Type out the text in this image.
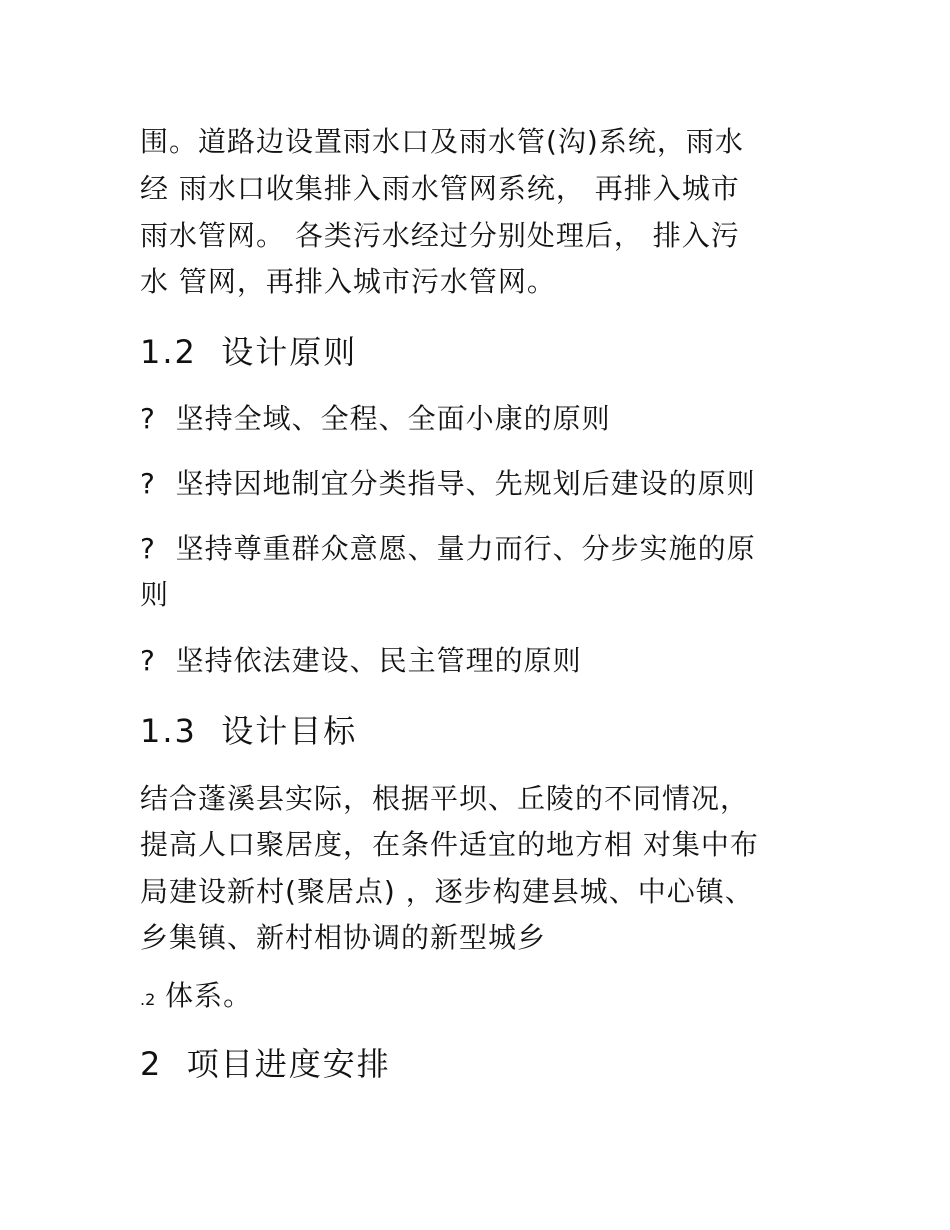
围。道路边设置雨水口及雨水管(沟)系统，雨水
经 雨水口收集排入雨水管网系统， 再排入城市
雨水管网。 各类污水经过分别处理后， 排入污
水 管网，再排入城市污水管网。
1.2  设计原则
?  坚持全域、全程、全面小康的原则
?  坚持因地制宜分类指导、先规划后建设的原则
?  坚持尊重群众意愿、量力而行、分步实施的原
则
?  坚持依法建设、民主管理的原则
1.3  设计目标
结合蓬溪县实际，根据平坝、丘陵的不同情况，
提高人口聚居度，在条件适宜的地方相 对集中布
局建设新村(聚居点) ，逐步构建县城、中心镇、
乡集镇、新村相协调的新型城乡
.2 体系。
2  项目进度安排
